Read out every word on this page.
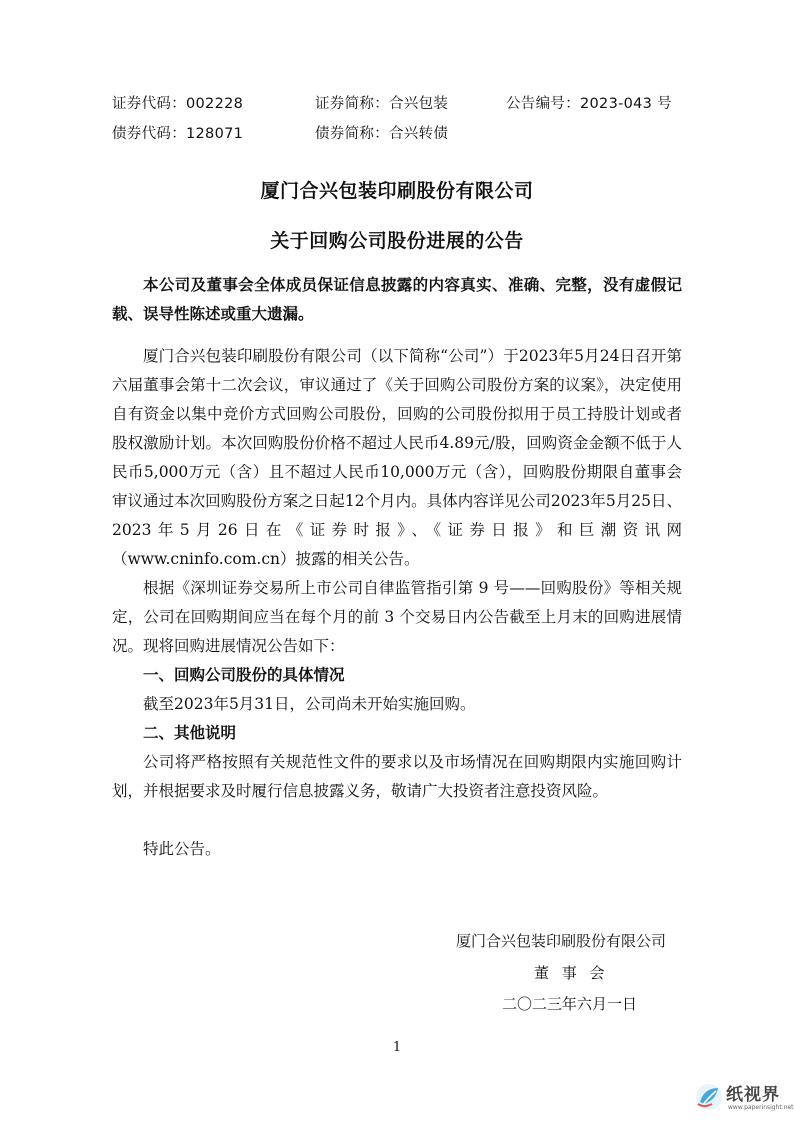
证券代码：002228	证券简称：合兴包装	公告编号：2023-043 号
债券代码：128071	债券简称：合兴转债
厦门合兴包装印刷股份有限公司
关于回购公司股份进展的公告

本公司及董事会全体成员保证信息披露的内容真实、准确、完整，没有虚假记载、误导性陈述或重大遗漏。

厦门合兴包装印刷股份有限公司（以下简称“公司”）于2023年5月24日召开第六届董事会第十二次会议，审议通过了《关于回购公司股份方案的议案》，决定使用自有资金以集中竞价方式回购公司股份，回购的公司股份拟用于员工持股计划或者股权激励计划。本次回购股份价格不超过人民币4.89元/股，回购资金金额不低于人民币5,000万元（含）且不超过人民币10,000万元（含），回购股份期限自董事会审议通过本次回购股份方案之日起12个月内。具体内容详见公司2023年5月25日、2023年5月26日在《证券时报》、《证券日报》和巨潮资讯网（www.cninfo.com.cn）披露的相关公告。

根据《深圳证券交易所上市公司自律监管指引第 9 号——回购股份》等相关规定，公司在回购期间应当在每个月的前 3 个交易日内公告截至上月末的回购进展情况。现将回购进展情况公告如下：

一、回购公司股份的具体情况

截至2023年5月31日，公司尚未开始实施回购。

二、其他说明

公司将严格按照有关规范性文件的要求以及市场情况在回购期限内实施回购计划，并根据要求及时履行信息披露义务，敬请广大投资者注意投资风险。

特此公告。

厦门合兴包装印刷股份有限公司
董 事 会
二〇二三年六月一日
1
纸视界
www.paperinsight.net
